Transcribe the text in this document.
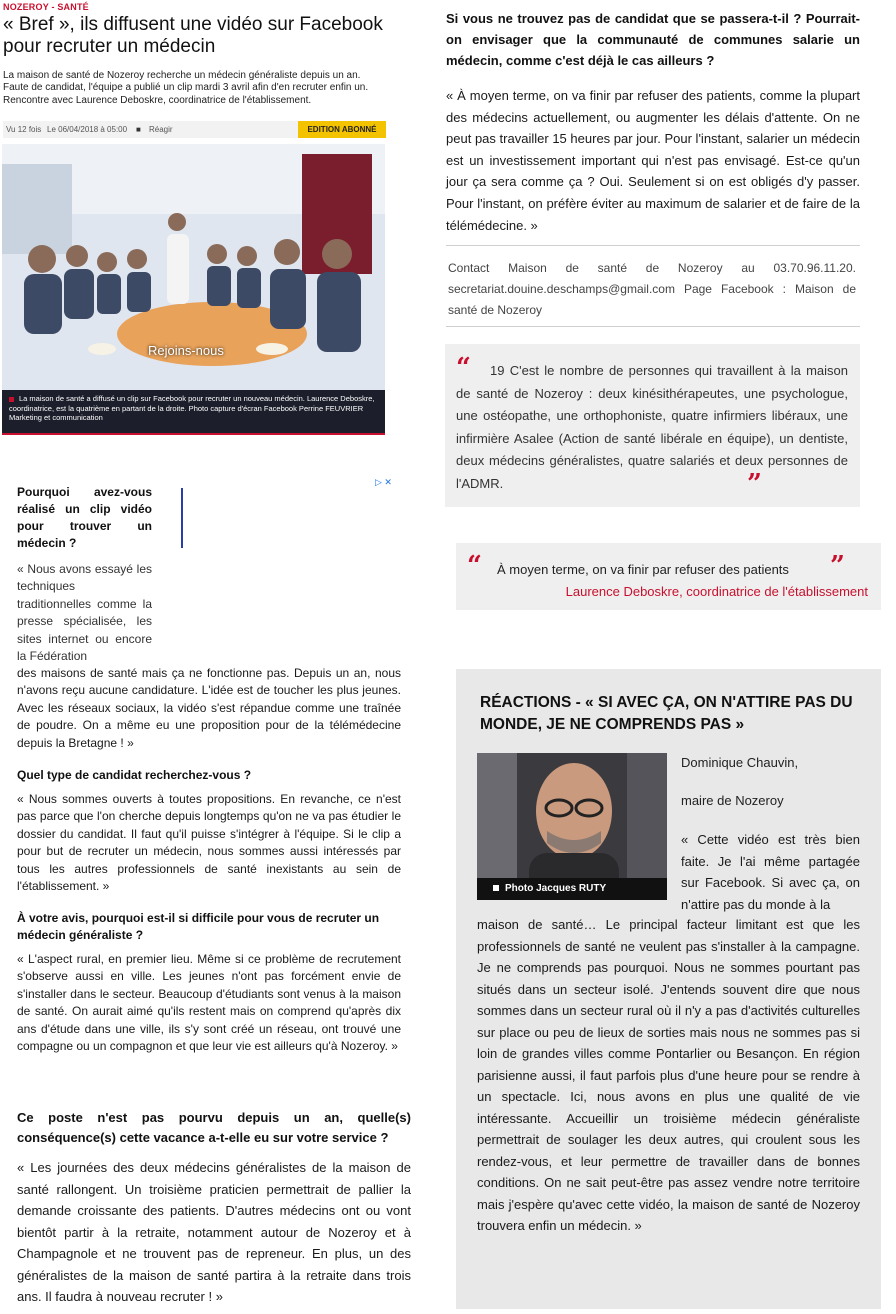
NOZEROY - SANTÉ
« Bref », ils diffusent une vidéo sur Facebook pour recruter un médecin
La maison de santé de Nozeroy recherche un médecin généraliste depuis un an. Faute de candidat, l'équipe a publié un clip mardi 3 avril afin d'en recruter enfin un. Rencontre avec Laurence Deboskre, coordinatrice de l'établissement.
Vu 12 fois Le 06/04/2018 à 05:00 ■ Réagir	EDITION ABONNÉ
Rejoins-nous

La maison de santé a diffusé un clip sur Facebook pour recruter un nouveau médecin. Laurence Deboskre, coordinatrice, est la quatrième en partant de la droite. Photo capture d'écran Facebook Perrine FEUVRIER Marketing et communication

▷ ✕

Pourquoi avez-vous réalisé un clip vidéo pour trouver un médecin ?

« Nous avons essayé les techniques traditionnelles comme la presse spécialisée, les sites internet ou encore la Fédération

des maisons de santé mais ça ne fonctionne pas. Depuis un an, nous n'avons reçu aucune candidature. L'idée est de toucher les plus jeunes. Avec les réseaux sociaux, la vidéo s'est répandue comme une traînée de poudre. On a même eu une proposition pour de la télémédecine depuis la Bretagne ! »

Quel type de candidat recherchez-vous ?

« Nous sommes ouverts à toutes propositions. En revanche, ce n'est pas parce que l'on cherche depuis longtemps qu'on ne va pas étudier le dossier du candidat. Il faut qu'il puisse s'intégrer à l'équipe. Si le clip a pour but de recruter un médecin, nous sommes aussi intéressés par tous les autres professionnels de santé inexistants au sein de l'établissement. »

À votre avis, pourquoi est-il si difficile pour vous de recruter un médecin généraliste ?

« L'aspect rural, en premier lieu. Même si ce problème de recrutement s'observe aussi en ville. Les jeunes n'ont pas forcément envie de s'installer dans le secteur. Beaucoup d'étudiants sont venus à la maison de santé. On aurait aimé qu'ils restent mais on comprend qu'après dix ans d'étude dans une ville, ils s'y sont créé un réseau, ont trouvé une compagne ou un compagnon et que leur vie est ailleurs qu'à Nozeroy. »

Ce poste n'est pas pourvu depuis un an, quelle(s) conséquence(s) cette vacance a-t-elle eu sur votre service ?

« Les journées des deux médecins généralistes de la maison de santé rallongent. Un troisième praticien permettrait de pallier la demande croissante des patients. D'autres médecins ont ou vont bientôt partir à la retraite, notamment autour de Nozeroy et à Champagnole et ne trouvent pas de repreneur. En plus, un des généralistes de la maison de santé partira à la retraite dans trois ans. Il faudra à nouveau recruter ! »

Si vous ne trouvez pas de candidat que se passera-t-il ? Pourrait-on envisager que la communauté de communes salarie un médecin, comme c'est déjà le cas ailleurs ?

« À moyen terme, on va finir par refuser des patients, comme la plupart des médecins actuellement, ou augmenter les délais d'attente. On ne peut pas travailler 15 heures par jour. Pour l'instant, salarier un médecin est un investissement important qui n'est pas envisagé. Est-ce qu'un jour ça sera comme ça ? Oui. Seulement si on est obligés d'y passer. Pour l'instant, on préfère éviter au maximum de salarier et de faire de la télémédecine. »

Contact Maison de santé de Nozeroy au 03.70.96.11.20. secretariat.douine.deschamps@gmail.com Page Facebook : Maison de santé de Nozeroy

“	19 C'est le nombre de personnes qui travaillent à la maison de santé de Nozeroy : deux kinésithérapeutes, une psychologue, une ostéopathe, une orthophoniste, quatre infirmiers libéraux, une infirmière Asalee (Action de santé libérale en équipe), un dentiste, deux médecins généralistes, quatre salariés et deux personnes de l'ADMR.	”
“ À moyen terme, on va finir par refuser des patients ”

Laurence Deboskre, coordinatrice de l'établissement

RÉACTIONS - « SI AVEC ÇA, ON N'ATTIRE PAS DU MONDE, JE NE COMPRENDS PAS »

Photo Jacques RUTY

Dominique Chauvin,

maire de Nozeroy

« Cette vidéo est très bien faite. Je l'ai même partagée sur Facebook. Si avec ça, on n'attire pas du monde à la

maison de santé… Le principal facteur limitant est que les professionnels de santé ne veulent pas s'installer à la campagne. Je ne comprends pas pourquoi. Nous ne sommes pourtant pas situés dans un secteur isolé. J'entends souvent dire que nous sommes dans un secteur rural où il n'y a pas d'activités culturelles sur place ou peu de lieux de sorties mais nous ne sommes pas si loin de grandes villes comme Pontarlier ou Besançon. En région parisienne aussi, il faut parfois plus d'une heure pour se rendre à un spectacle. Ici, nous avons en plus une qualité de vie intéressante. Accueillir un troisième médecin généraliste permettrait de soulager les deux autres, qui croulent sous les rendez-vous, et leur permettre de travailler dans de bonnes conditions. On ne sait peut-être pas assez vendre notre territoire mais j'espère qu'avec cette vidéo, la maison de santé de Nozeroy trouvera enfin un médecin. »
